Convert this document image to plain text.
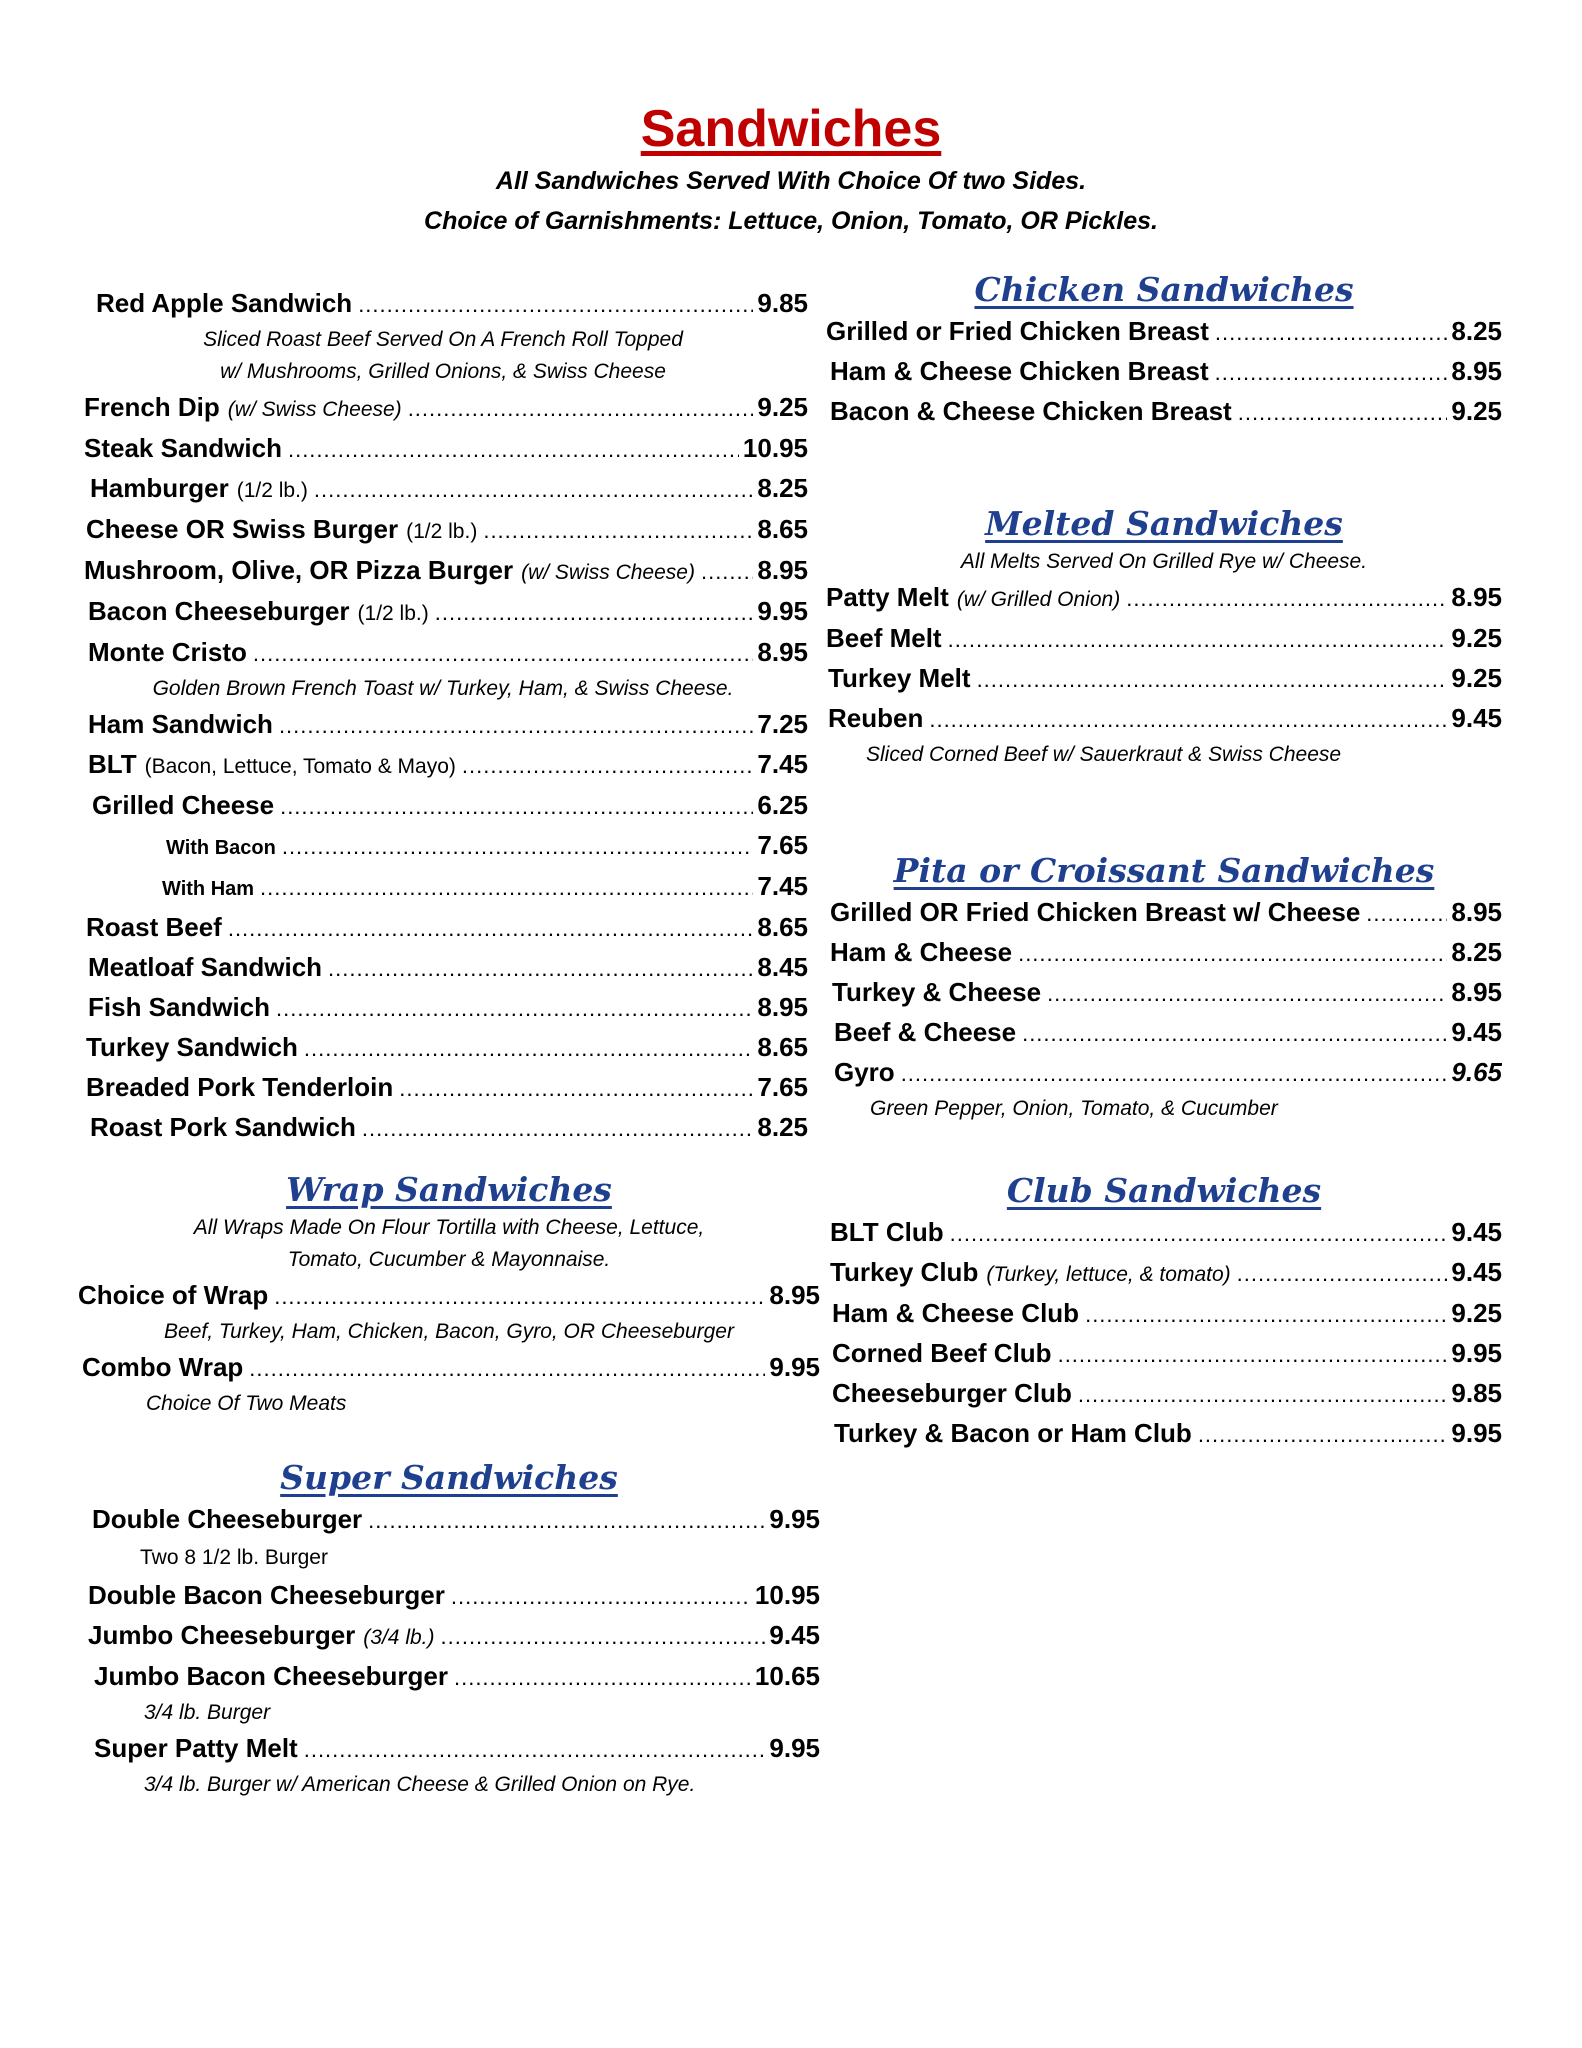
Sandwiches
All Sandwiches Served With Choice Of two Sides.
Choice of Garnishments: Lettuce, Onion, Tomato, OR Pickles.
Red Apple Sandwich .....	9.85
Sliced Roast Beef Served On A French Roll Topped
w/ Mushrooms, Grilled Onions, & Swiss Cheese
French Dip (w/ Swiss Cheese) .....	9.25
Steak Sandwich .....	10.95
Hamburger (1/2 lb.) .....	8.25
Cheese OR Swiss Burger (1/2 lb.) .....	8.65
Mushroom, Olive, OR Pizza Burger (w/ Swiss Cheese) ..... 8.95
Bacon Cheeseburger (1/2 lb.) .....	9.95
Monte Cristo .....	8.95
Golden Brown French Toast w/ Turkey, Ham, & Swiss Cheese.
Ham Sandwich .....	7.25
BLT (Bacon, Lettuce, Tomato & Mayo) .....	7.45
Grilled Cheese .....	6.25
With Bacon .....	7.65
With Ham .....	7.45
Roast Beef .....	8.65
Meatloaf Sandwich .....	8.45
Fish Sandwich .....	8.95
Turkey Sandwich .....	8.65
Breaded Pork Tenderloin .....	7.65
Roast Pork Sandwich .....	8.25
Wrap Sandwiches
All Wraps Made On Flour Tortilla with Cheese, Lettuce,
Tomato, Cucumber & Mayonnaise.
Choice of Wrap .....	8.95
Beef, Turkey, Ham, Chicken, Bacon, Gyro, OR Cheeseburger
Combo Wrap .....	9.95
Choice Of Two Meats
Super Sandwiches
Double Cheeseburger .....	9.95
Two 8 1/2 lb. Burger
Double Bacon Cheeseburger .....	10.95
Jumbo Cheeseburger (3/4 lb.) .....	9.45
Jumbo Bacon Cheeseburger .....	10.65
3/4 lb. Burger
Super Patty Melt .....	9.95
3/4 lb. Burger w/ American Cheese & Grilled Onion on Rye.
Chicken Sandwiches
Grilled or Fried Chicken Breast .....	8.25
Ham & Cheese Chicken Breast .....	8.95
Bacon & Cheese Chicken Breast .....	9.25
Melted Sandwiches
All Melts Served On Grilled Rye w/ Cheese.
Patty Melt (w/ Grilled Onion) .....	8.95
Beef Melt .....	9.25
Turkey Melt .....	9.25
Reuben .....	9.45
Sliced Corned Beef w/ Sauerkraut & Swiss Cheese
Pita or Croissant Sandwiches
Grilled OR Fried Chicken Breast w/ Cheese .....	8.95
Ham & Cheese .....	8.25
Turkey & Cheese .....	8.95
Beef & Cheese .....	9.45
Gyro .....	9.65
Green Pepper, Onion, Tomato, & Cucumber
Club Sandwiches
BLT Club .....	9.45
Turkey Club (Turkey, lettuce, & tomato) .....	9.45
Ham & Cheese Club .....	9.25
Corned Beef Club .....	9.95
Cheeseburger Club .....	9.85
Turkey & Bacon or Ham Club .....	9.95
